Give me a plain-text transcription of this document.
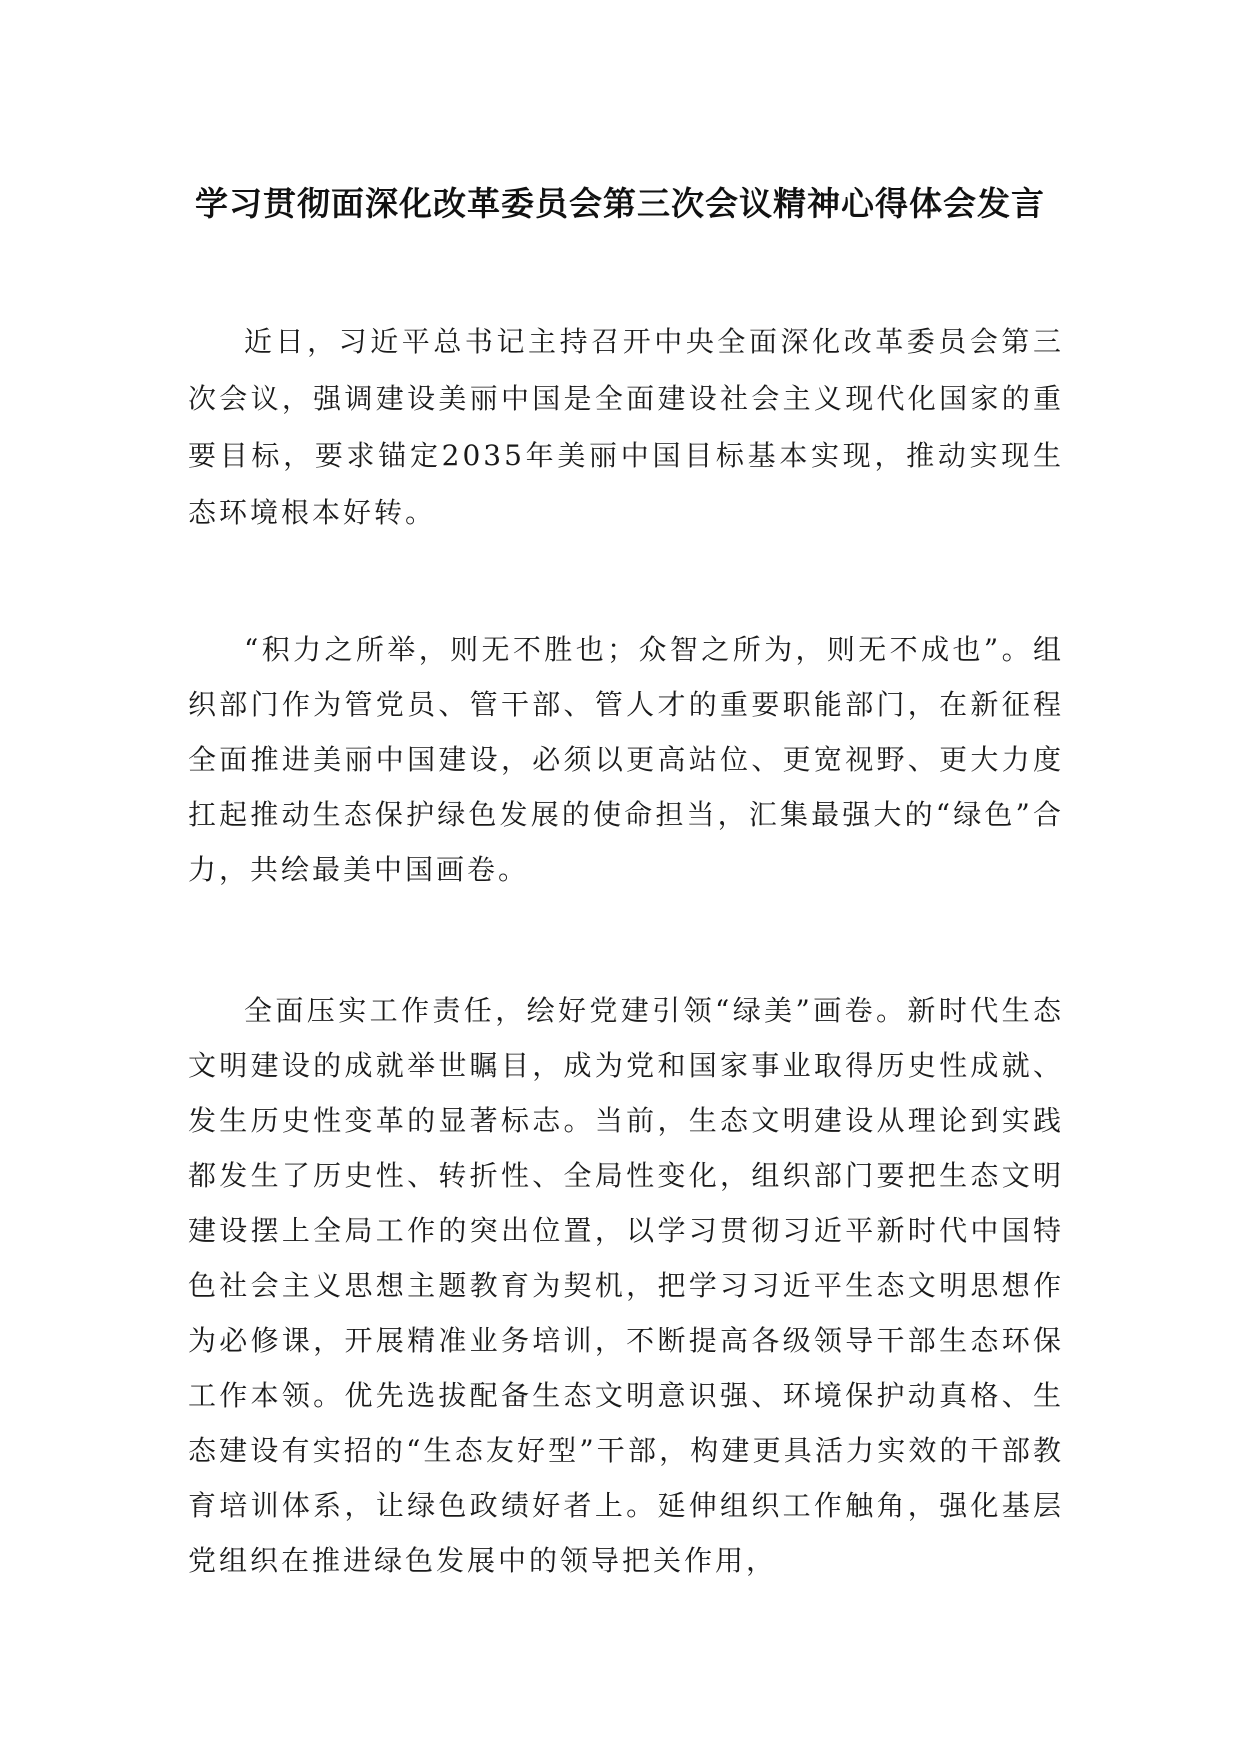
学习贯彻面深化改革委员会第三次会议精神心得体会发言

近日，习近平总书记主持召开中央全面深化改革委员会第三次会议，强调建设美丽中国是全面建设社会主义现代化国家的重要目标，要求锚定2035年美丽中国目标基本实现，推动实现生态环境根本好转。

“积力之所举，则无不胜也；众智之所为，则无不成也”。组织部门作为管党员、管干部、管人才的重要职能部门，在新征程全面推进美丽中国建设，必须以更高站位、更宽视野、更大力度扛起推动生态保护绿色发展的使命担当，汇集最强大的“绿色”合力，共绘最美中国画卷。

全面压实工作责任，绘好党建引领“绿美”画卷。新时代生态文明建设的成就举世瞩目，成为党和国家事业取得历史性成就、发生历史性变革的显著标志。当前，生态文明建设从理论到实践都发生了历史性、转折性、全局性变化，组织部门要把生态文明建设摆上全局工作的突出位置，以学习贯彻习近平新时代中国特色社会主义思想主题教育为契机，把学习习近平生态文明思想作为必修课，开展精准业务培训，不断提高各级领导干部生态环保工作本领。优先选拔配备生态文明意识强、环境保护动真格、生态建设有实招的“生态友好型”干部，构建更具活力实效的干部教育培训体系，让绿色政绩好者上。延伸组织工作触角，强化基层党组织在推进绿色发展中的领导把关作用，
